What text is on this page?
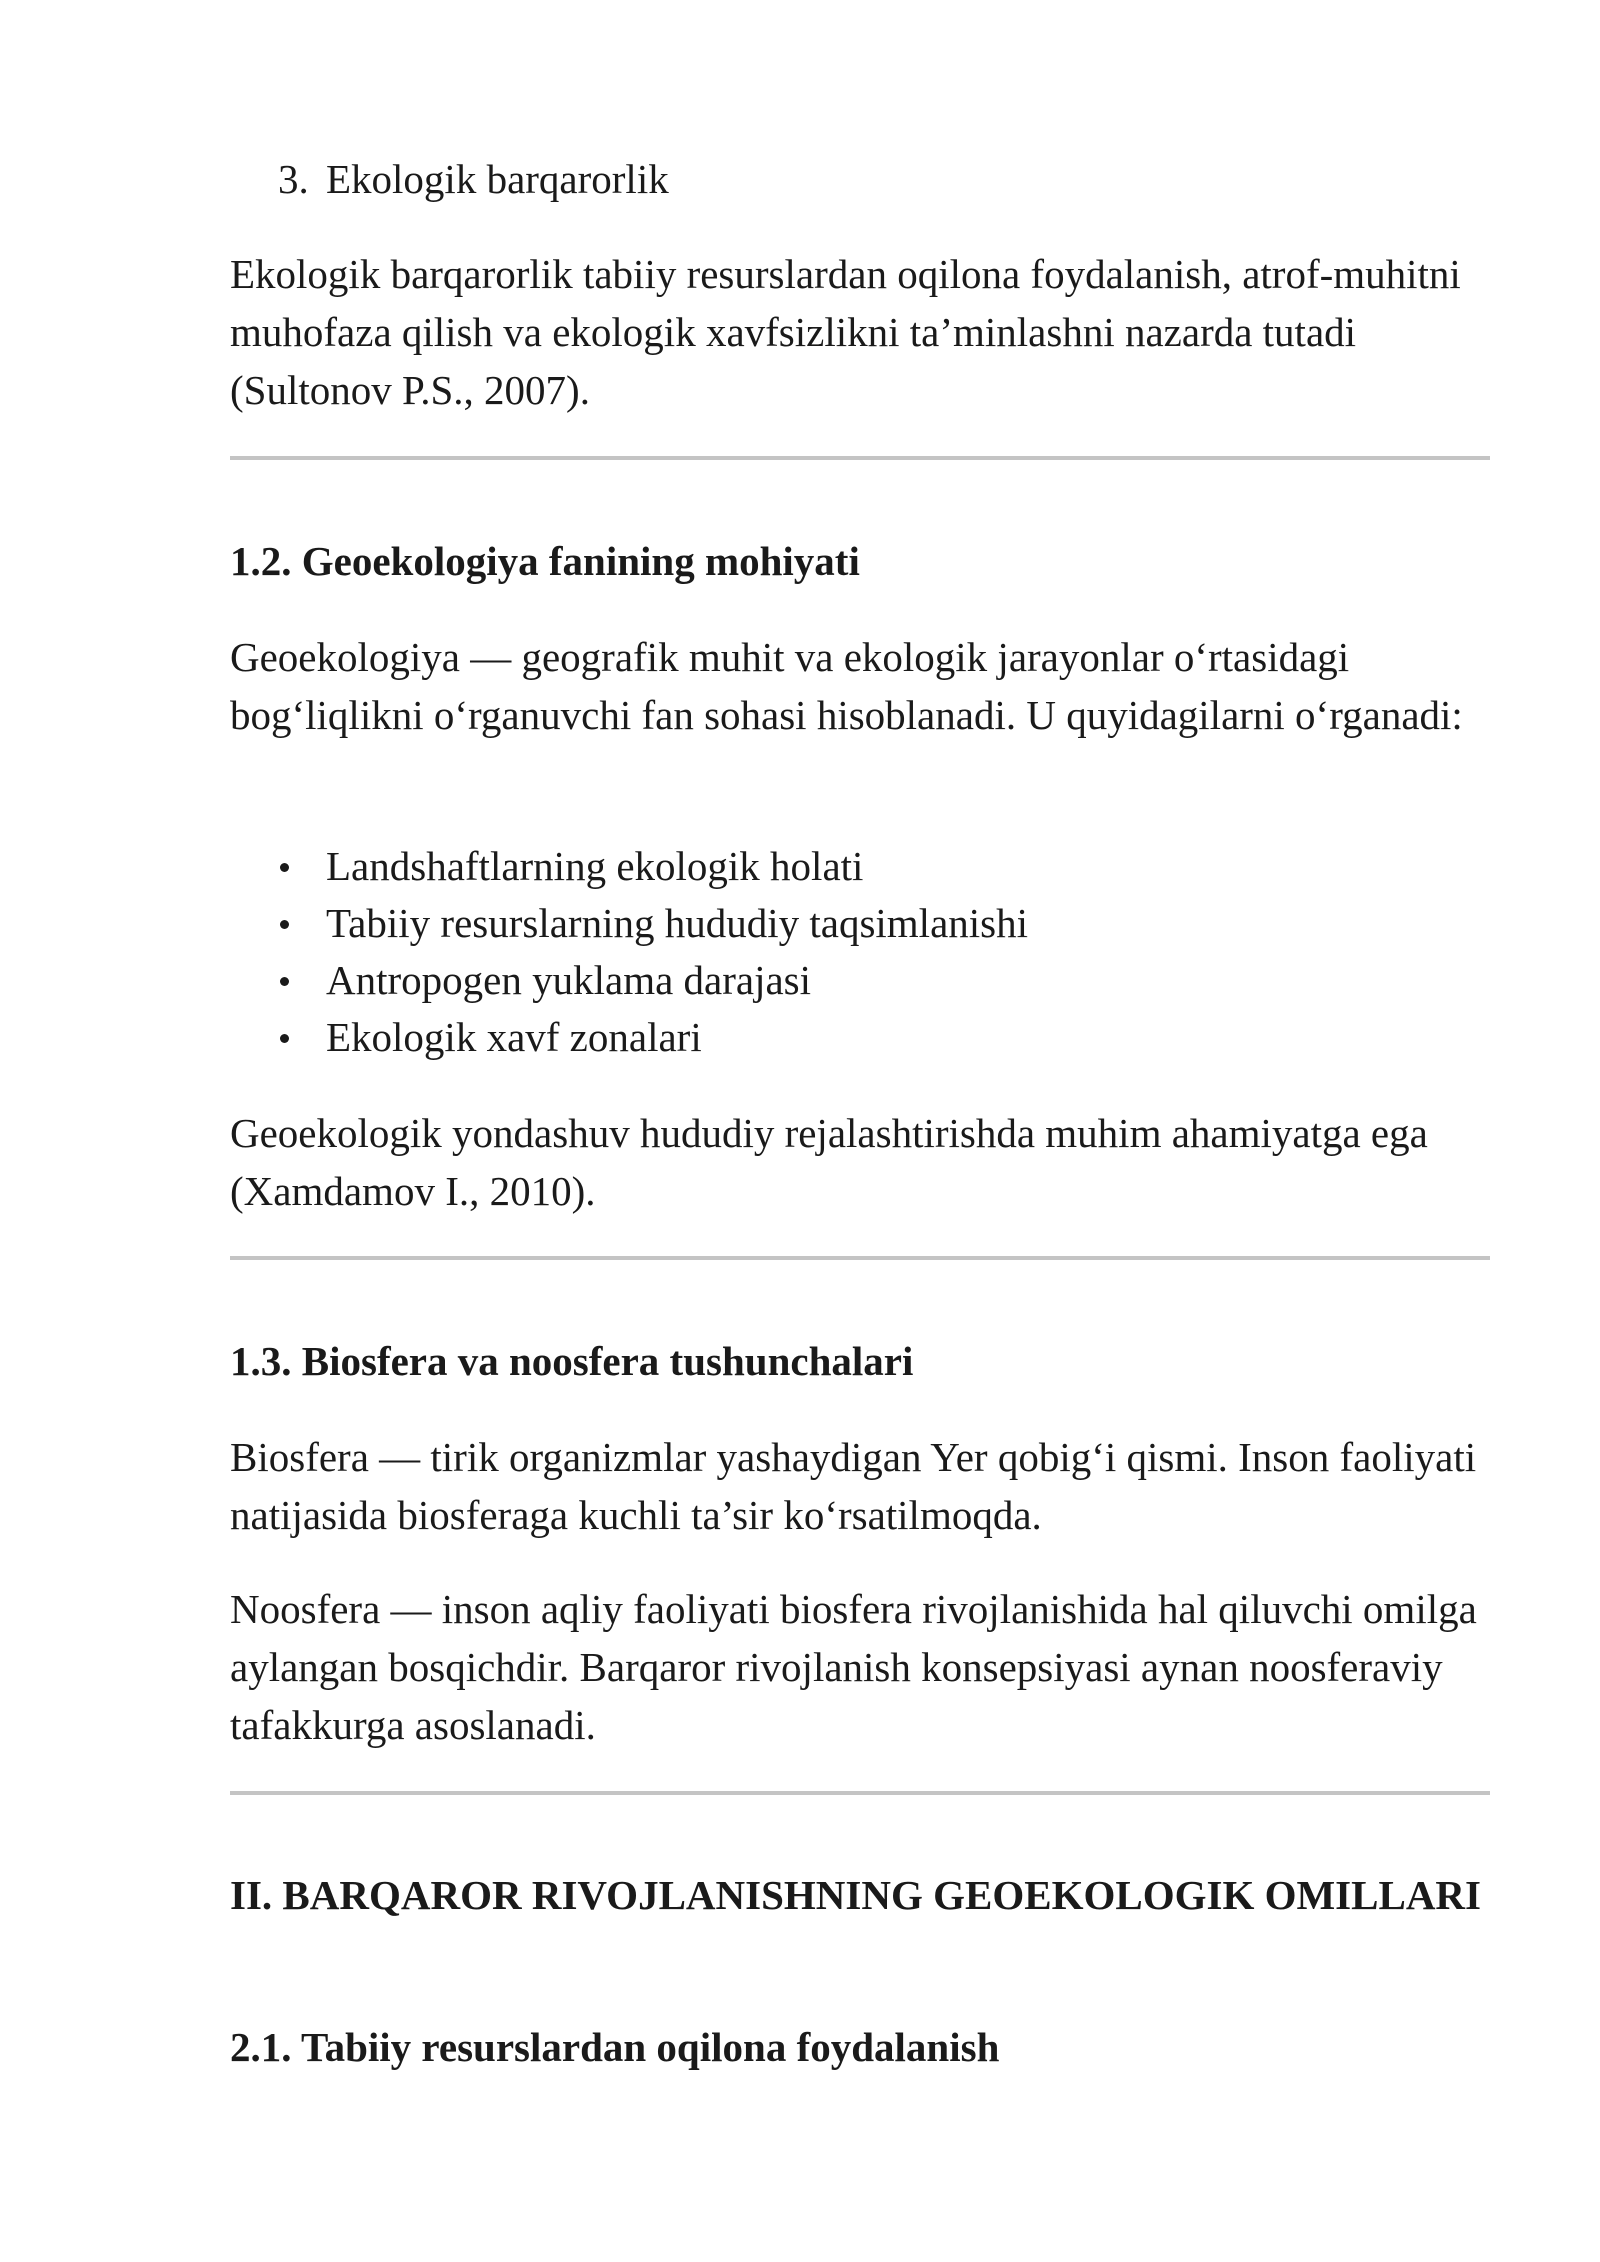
3. Ekologik barqarorlik

Ekologik barqarorlik tabiiy resurslardan oqilona foydalanish, atrof-muhitni muhofaza qilish va ekologik xavfsizlikni ta’minlashni nazarda tutadi (Sultonov P.S., 2007).

1.2. Geoekologiya fanining mohiyati

Geoekologiya — geografik muhit va ekologik jarayonlar o‘rtasidagi bog‘liqlikni o‘rganuvchi fan sohasi hisoblanadi. U quyidagilarni o‘rganadi:

Landshaftlarning ekologik holati
Tabiiy resurslarning hududiy taqsimlanishi
Antropogen yuklama darajasi
Ekologik xavf zonalari

Geoekologik yondashuv hududiy rejalashtirishda muhim ahamiyatga ega (Xamdamov I., 2010).

1.3. Biosfera va noosfera tushunchalari

Biosfera — tirik organizmlar yashaydigan Yer qobig‘i qismi. Inson faoliyati natijasida biosferaga kuchli ta’sir ko‘rsatilmoqda.

Noosfera — inson aqliy faoliyati biosfera rivojlanishida hal qiluvchi omilga aylangan bosqichdir. Barqaror rivojlanish konsepsiyasi aynan noosferaviy tafakkurga asoslanadi.

II. BARQAROR RIVOJLANISHNING GEOEKOLOGIK OMILLARI
2.1. Tabiiy resurslardan oqilona foydalanish
